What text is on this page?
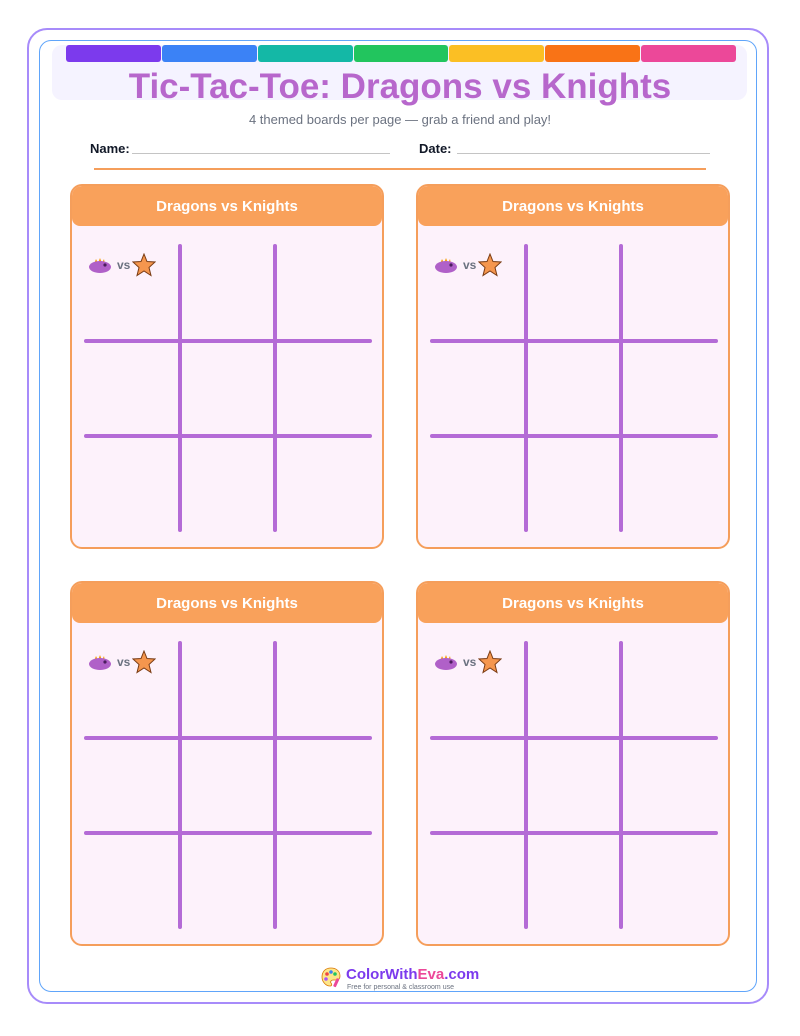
Tic-Tac-Toe: Dragons vs Knights
4 themed boards per page — grab a friend and play!
Name:	Date:
Dragons vs Knights
vs
Dragons vs Knights
vs
Dragons vs Knights
vs
Dragons vs Knights
vs
ColorWithEva.com
Free for personal & classroom use
